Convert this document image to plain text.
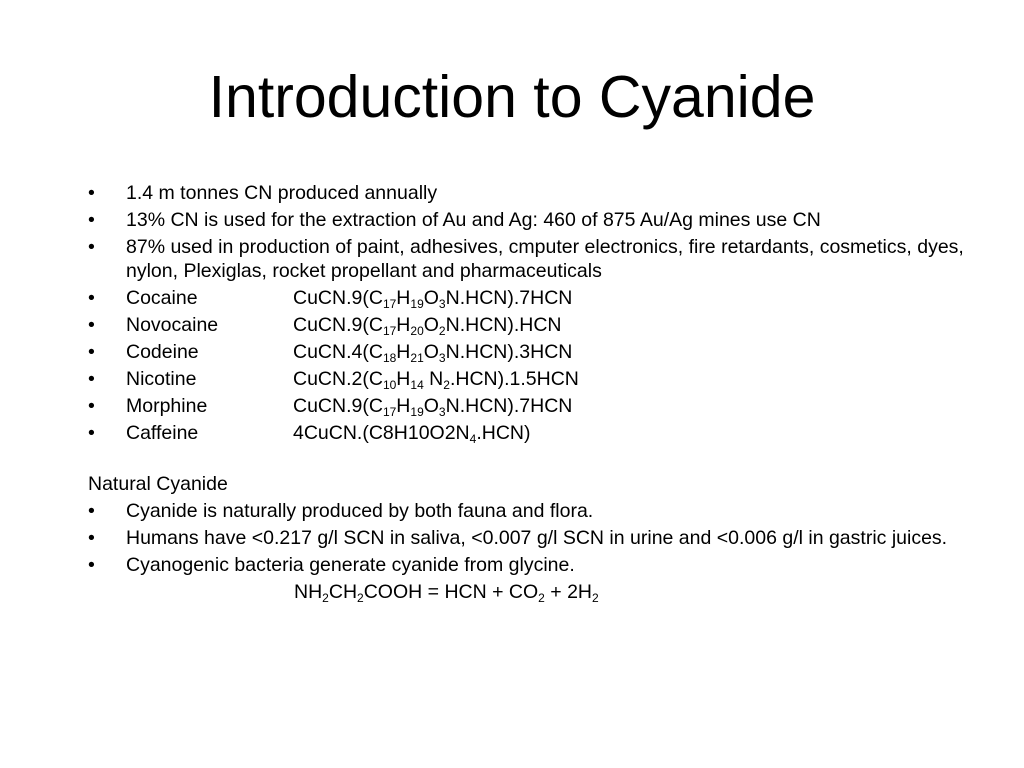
Introduction to Cyanide
• 1.4 m tonnes CN produced annually
• 13% CN is used for the extraction of Au and Ag: 460 of 875 Au/Ag mines use CN
• 87% used in production of paint, adhesives, cmputer electronics, fire retardants, cosmetics, dyes, nylon, Plexiglas, rocket propellant and pharmaceuticals
• Cocaine	$CuCN.9(C_{17}H_{19}O_3N.HCN).7HCN$
• Novocaine	$CuCN.9(C_{17}H_{20}O_2N.HCN).HCN$
• Codeine	$CuCN.4(C_{18}H_{21}O_3N.HCN).3HCN$
• Nicotine	$CuCN.2(C_{10}H_{14}$ $N_2.HCN).1.5HCN$
• Morphine	$CuCN.9(C_{17}H_{19}O_3N.HCN).7HCN$
• Caffeine	$4CuCN.(C8H10O2N_4.HCN)$
Natural Cyanide
• Cyanide is naturally produced by both fauna and flora.
• Humans have <0.217 g/l SCN in saliva, <0.007 g/l SCN in urine and <0.006 g/l in gastric juices.
• Cyanogenic bacteria generate cyanide from glycine.
$NH_2CH_2COOH$ = HCN + $CO_2 + 2H_2$
